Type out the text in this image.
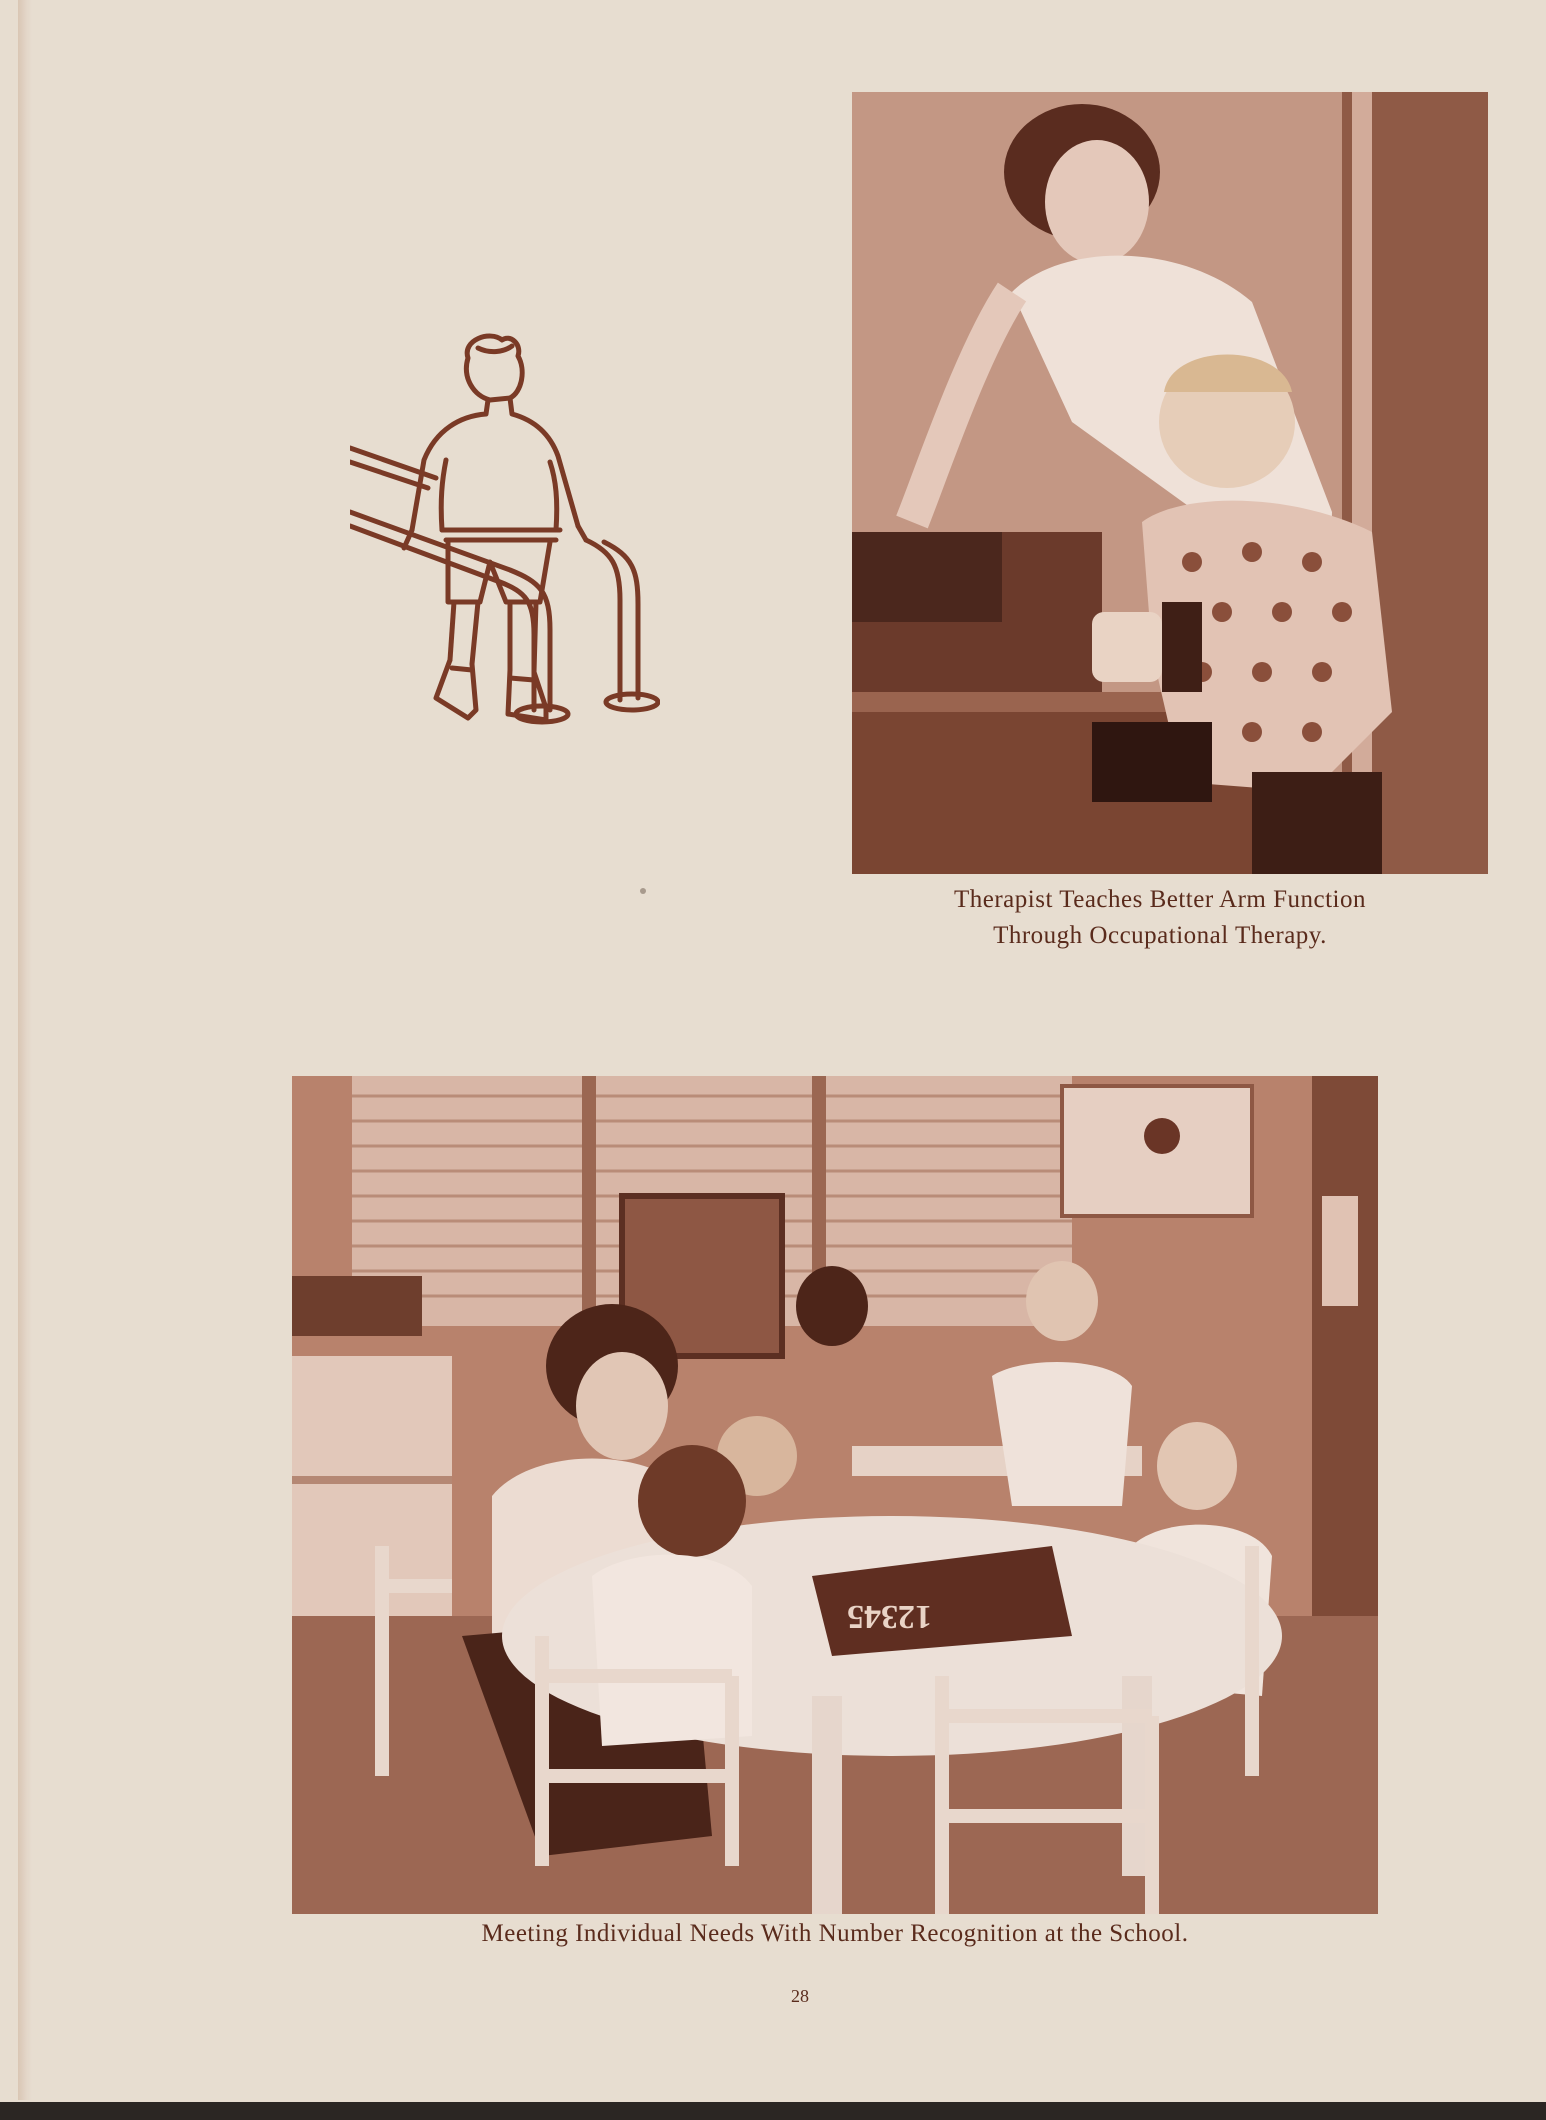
Therapist Teaches Better Arm Function
Through Occupational Therapy.
12345
Meeting Individual Needs With Number Recognition at the School.
28
